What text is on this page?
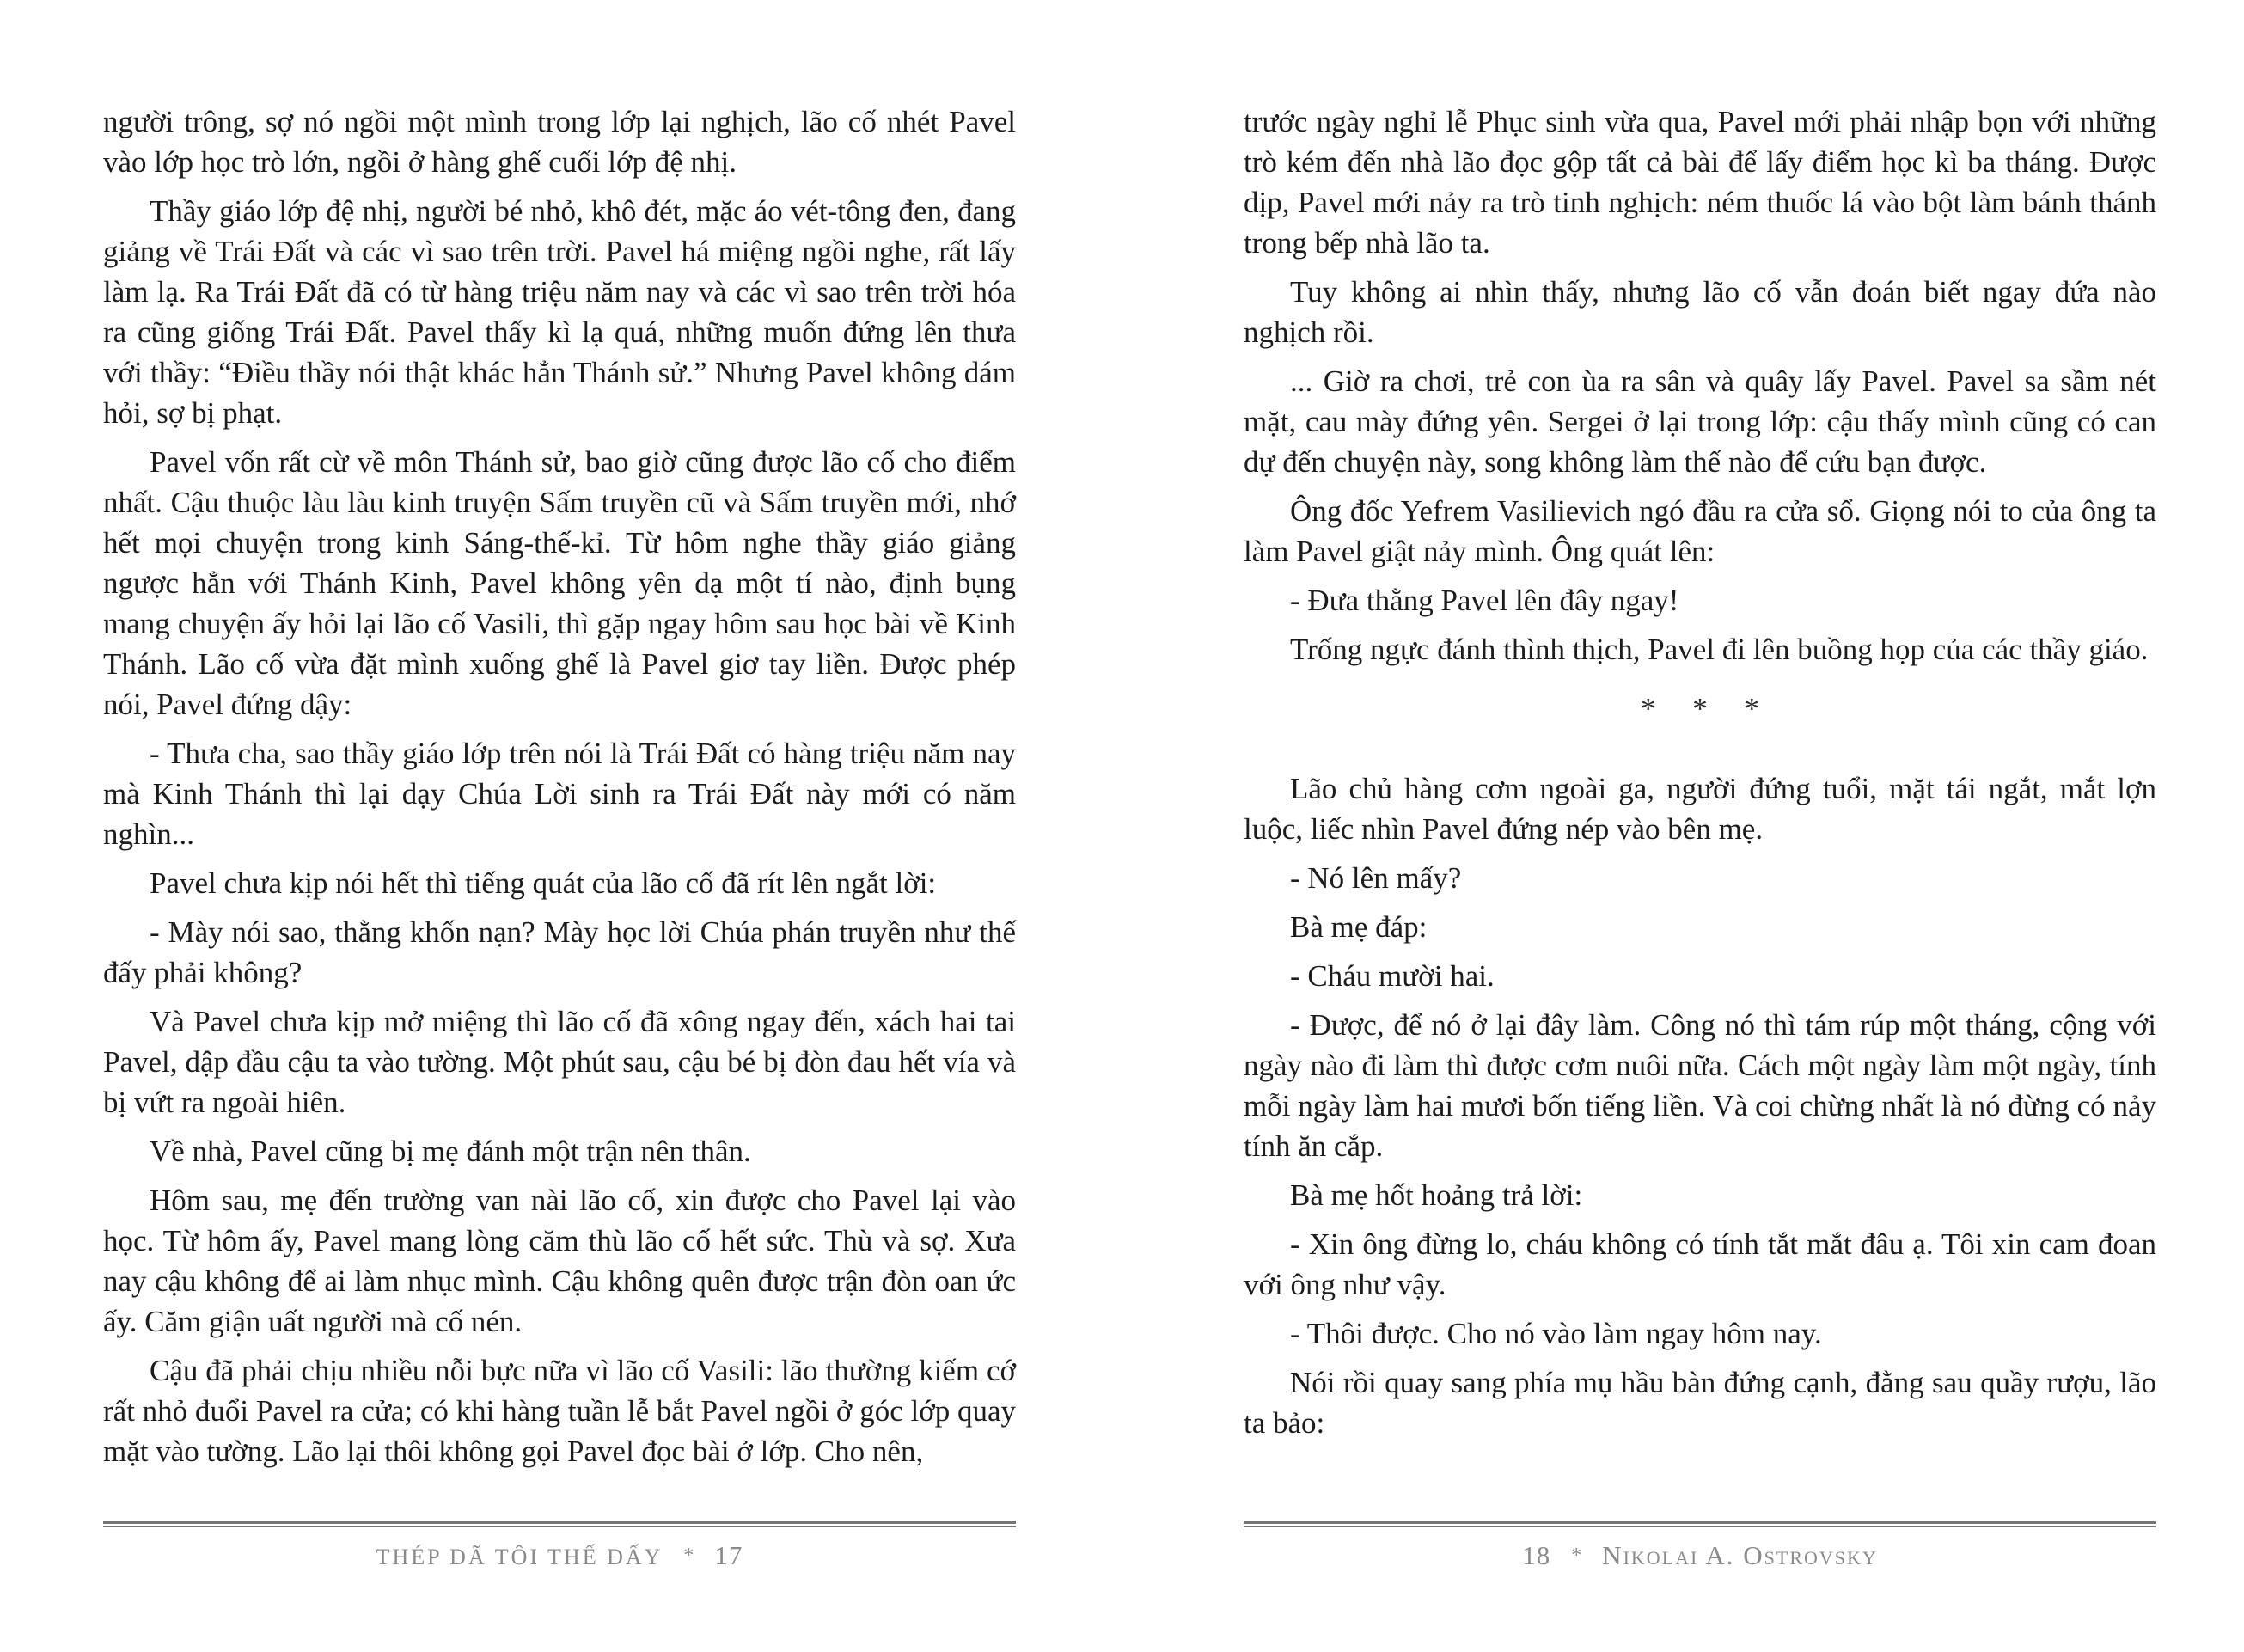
người trông, sợ nó ngồi một mình trong lớp lại nghịch, lão cố nhét Pavel vào lớp học trò lớn, ngồi ở hàng ghế cuối lớp đệ nhị.

Thầy giáo lớp đệ nhị, người bé nhỏ, khô đét, mặc áo vét-tông đen, đang giảng về Trái Đất và các vì sao trên trời. Pavel há miệng ngồi nghe, rất lấy làm lạ. Ra Trái Đất đã có từ hàng triệu năm nay và các vì sao trên trời hóa ra cũng giống Trái Đất. Pavel thấy kì lạ quá, những muốn đứng lên thưa với thầy: “Điều thầy nói thật khác hẳn Thánh sử.” Nhưng Pavel không dám hỏi, sợ bị phạt.

Pavel vốn rất cừ về môn Thánh sử, bao giờ cũng được lão cố cho điểm nhất. Cậu thuộc làu làu kinh truyện Sấm truyền cũ và Sấm truyền mới, nhớ hết mọi chuyện trong kinh Sáng-thế-kỉ. Từ hôm nghe thầy giáo giảng ngược hẳn với Thánh Kinh, Pavel không yên dạ một tí nào, định bụng mang chuyện ấy hỏi lại lão cố Vasili, thì gặp ngay hôm sau học bài về Kinh Thánh. Lão cố vừa đặt mình xuống ghế là Pavel giơ tay liền. Được phép nói, Pavel đứng dậy:

- Thưa cha, sao thầy giáo lớp trên nói là Trái Đất có hàng triệu năm nay mà Kinh Thánh thì lại dạy Chúa Lời sinh ra Trái Đất này mới có năm nghìn...

Pavel chưa kịp nói hết thì tiếng quát của lão cố đã rít lên ngắt lời:

- Mày nói sao, thằng khốn nạn? Mày học lời Chúa phán truyền như thế đấy phải không?

Và Pavel chưa kịp mở miệng thì lão cố đã xông ngay đến, xách hai tai Pavel, dập đầu cậu ta vào tường. Một phút sau, cậu bé bị đòn đau hết vía và bị vứt ra ngoài hiên.

Về nhà, Pavel cũng bị mẹ đánh một trận nên thân.

Hôm sau, mẹ đến trường van nài lão cố, xin được cho Pavel lại vào học. Từ hôm ấy, Pavel mang lòng căm thù lão cố hết sức. Thù và sợ. Xưa nay cậu không để ai làm nhục mình. Cậu không quên được trận đòn oan ức ấy. Căm giận uất người mà cố nén.

Cậu đã phải chịu nhiều nỗi bực nữa vì lão cố Vasili: lão thường kiếm cớ rất nhỏ đuổi Pavel ra cửa; có khi hàng tuần lễ bắt Pavel ngồi ở góc lớp quay mặt vào tường. Lão lại thôi không gọi Pavel đọc bài ở lớp. Cho nên,

THÉP ĐÃ TÔI THẾ ĐẤY * 17

trước ngày nghỉ lễ Phục sinh vừa qua, Pavel mới phải nhập bọn với những trò kém đến nhà lão đọc gộp tất cả bài để lấy điểm học kì ba tháng. Được dịp, Pavel mới nảy ra trò tinh nghịch: ném thuốc lá vào bột làm bánh thánh trong bếp nhà lão ta.

Tuy không ai nhìn thấy, nhưng lão cố vẫn đoán biết ngay đứa nào nghịch rồi.

... Giờ ra chơi, trẻ con ùa ra sân và quây lấy Pavel. Pavel sa sầm nét mặt, cau mày đứng yên. Sergei ở lại trong lớp: cậu thấy mình cũng có can dự đến chuyện này, song không làm thế nào để cứu bạn được.

Ông đốc Yefrem Vasilievich ngó đầu ra cửa sổ. Giọng nói to của ông ta làm Pavel giật nảy mình. Ông quát lên:

- Đưa thằng Pavel lên đây ngay!

Trống ngực đánh thình thịch, Pavel đi lên buồng họp của các thầy giáo.

* * *

Lão chủ hàng cơm ngoài ga, người đứng tuổi, mặt tái ngắt, mắt lợn luộc, liếc nhìn Pavel đứng nép vào bên mẹ.

- Nó lên mấy?

Bà mẹ đáp:

- Cháu mười hai.

- Được, để nó ở lại đây làm. Công nó thì tám rúp một tháng, cộng với ngày nào đi làm thì được cơm nuôi nữa. Cách một ngày làm một ngày, tính mỗi ngày làm hai mươi bốn tiếng liền. Và coi chừng nhất là nó đừng có nảy tính ăn cắp.

Bà mẹ hốt hoảng trả lời:

- Xin ông đừng lo, cháu không có tính tắt mắt đâu ạ. Tôi xin cam đoan với ông như vậy.

- Thôi được. Cho nó vào làm ngay hôm nay.

Nói rồi quay sang phía mụ hầu bàn đứng cạnh, đằng sau quầy rượu, lão ta bảo:

18 * Nikolai A. Ostrovsky
